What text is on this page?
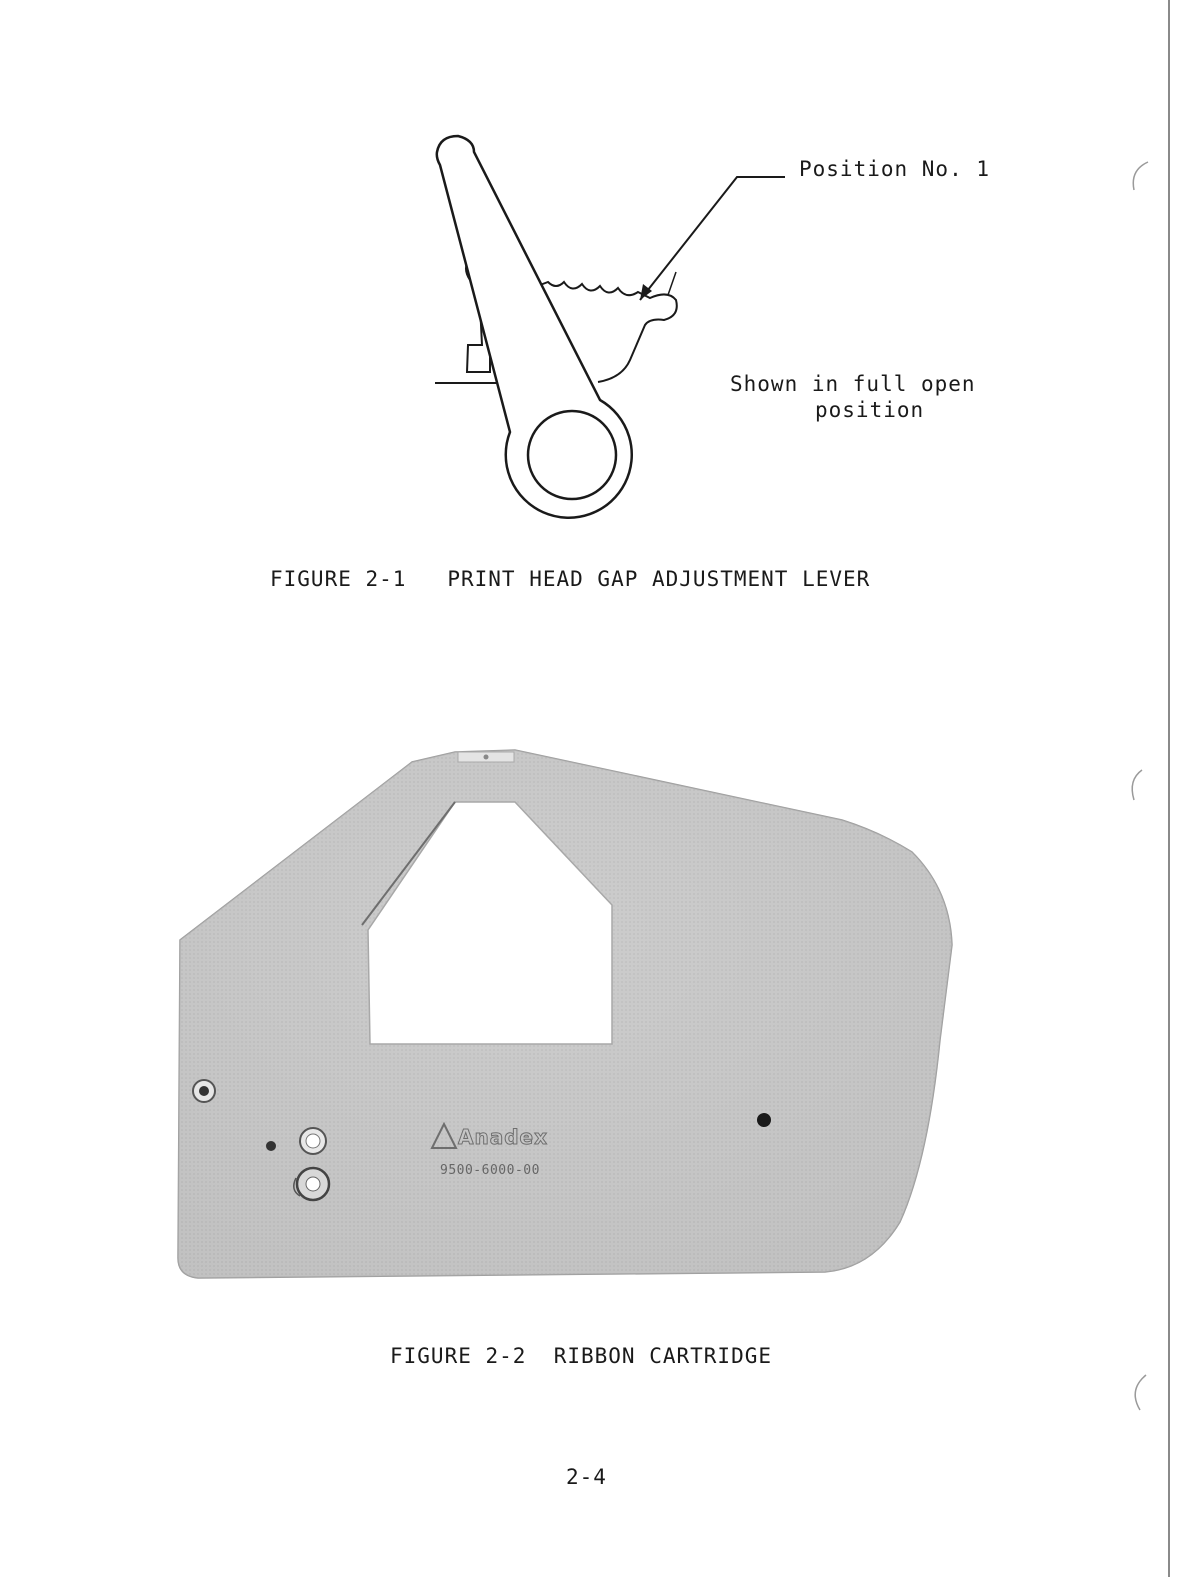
Anadex
9500-6000-00
Position No. 1
Shown in full open
position
FIGURE 2-1   PRINT HEAD GAP ADJUSTMENT LEVER
FIGURE 2-2  RIBBON CARTRIDGE
2-4
